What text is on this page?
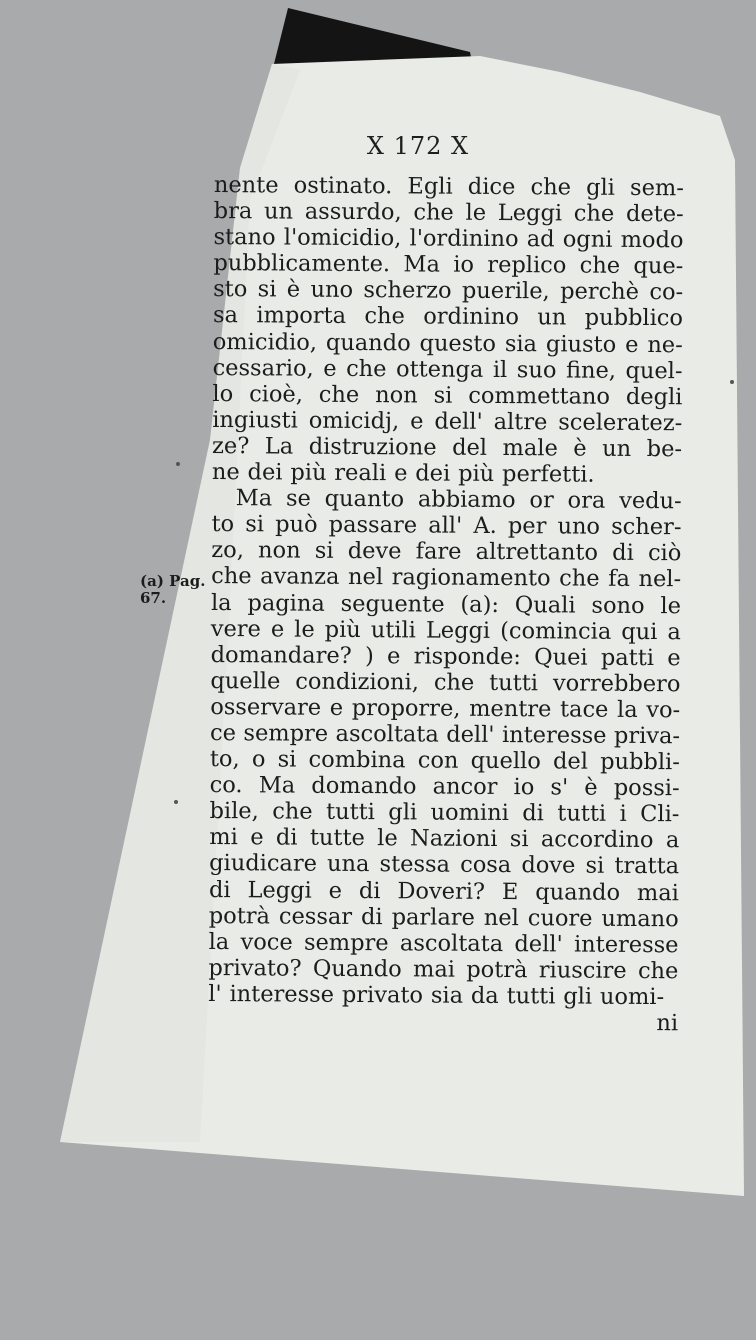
X 172 X
(a) Pag.
67.
nente ostinato. Egli dice che gli sem-
bra un assurdo, che le Leggi che dete-
stano l'omicidio, l'ordinino ad ogni modo
pubblicamente. Ma io replico che que-
sto si è uno scherzo puerile, perchè co-
sa importa che ordinino un pubblico
omicidio, quando questo sia giusto e ne-
cessario, e che ottenga il suo fine, quel-
lo cioè, che non si commettano degli
ingiusti omicidj, e dell' altre sceleratez-
ze? La distruzione del male è un be-
ne dei più reali e dei più perfetti.
Ma se quanto abbiamo or ora vedu-
to si può passare all' A. per uno scher-
zo, non si deve fare altrettanto di ciò
che avanza nel ragionamento che fa nel-
la pagina seguente (a): Quali sono le
vere e le più utili Leggi (comincia qui a
domandare? ) e risponde: Quei patti e
quelle condizioni, che tutti vorrebbero
osservare e proporre, mentre tace la vo-
ce sempre ascoltata dell' interesse priva-
to, o si combina con quello del pubbli-
co. Ma domando ancor io s' è possi-
bile, che tutti gli uomini di tutti i Cli-
mi e di tutte le Nazioni si accordino a
giudicare una stessa cosa dove si tratta
di Leggi e di Doveri? E quando mai
potrà cessar di parlare nel cuore umano
la voce sempre ascoltata dell' interesse
privato? Quando mai potrà riuscire che
l' interesse privato sia da tutti gli uomi-
ni
